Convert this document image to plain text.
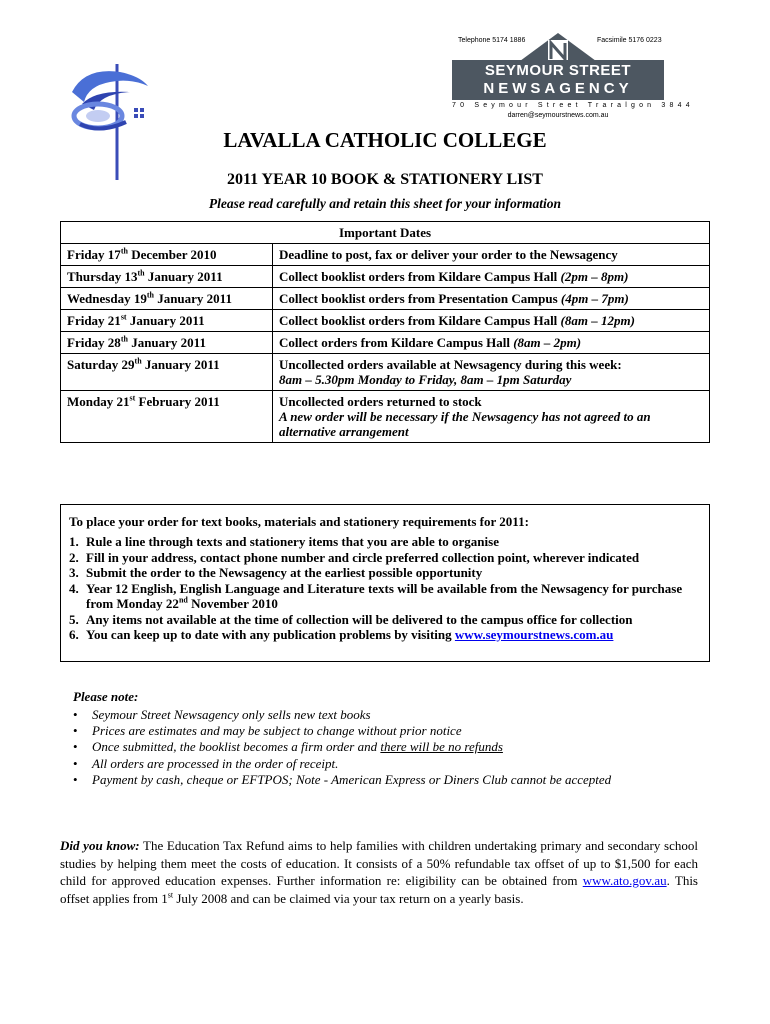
Telephone 5174 1886	Facsimile 5176 0223
SEYMOUR STREET
NEWSAGENCY
70 Seymour Street Traralgon 3844
darren@seymourstnews.com.au
LAVALLA CATHOLIC COLLEGE
2011 YEAR 10 BOOK & STATIONERY LIST
Please read carefully and retain this sheet for your information
Important Dates	
Friday 17th December 2010	Deadline to post, fax or deliver your order to the Newsagency
Thursday 13th January 2011	Collect booklist orders from Kildare Campus Hall (2pm – 8pm)
Wednesday 19th January 2011	Collect booklist orders from Presentation Campus (4pm – 7pm)
Friday 21st January 2011	Collect booklist orders from Kildare Campus Hall (8am – 12pm)
Friday 28th January 2011	Collect orders from Kildare Campus Hall (8am – 2pm)
Saturday 29th January 2011	Uncollected orders available at Newsagency during this week:
8am – 5.30pm Monday to Friday, 8am – 1pm Saturday
Monday 21st February 2011	Uncollected orders returned to stock
A new order will be necessary if the Newsagency has not agreed to an alternative arrangement
To place your order for text books, materials and stationery requirements for 2011:
1. Rule a line through texts and stationery items that you are able to organise
2. Fill in your address, contact phone number and circle preferred collection point, wherever indicated
3. Submit the order to the Newsagency at the earliest possible opportunity
4. Year 12 English, English Language and Literature texts will be available from the Newsagency for purchase from Monday 22nd November 2010
5. Any items not available at the time of collection will be delivered to the campus office for collection
6. You can keep up to date with any publication problems by visiting www.seymourstnews.com.au
Please note:
• Seymour Street Newsagency only sells new text books
• Prices are estimates and may be subject to change without prior notice
• Once submitted, the booklist becomes a firm order and there will be no refunds
• All orders are processed in the order of receipt.
• Payment by cash, cheque or EFTPOS; Note - American Express or Diners Club cannot be accepted
Did you know: The Education Tax Refund aims to help families with children undertaking primary and secondary school studies by helping them meet the costs of education. It consists of a 50% refundable tax offset of up to $1,500 for each child for approved education expenses. Further information re: eligibility can be obtained from www.ato.gov.au. This offset applies from 1st July 2008 and can be claimed via your tax return on a yearly basis.
